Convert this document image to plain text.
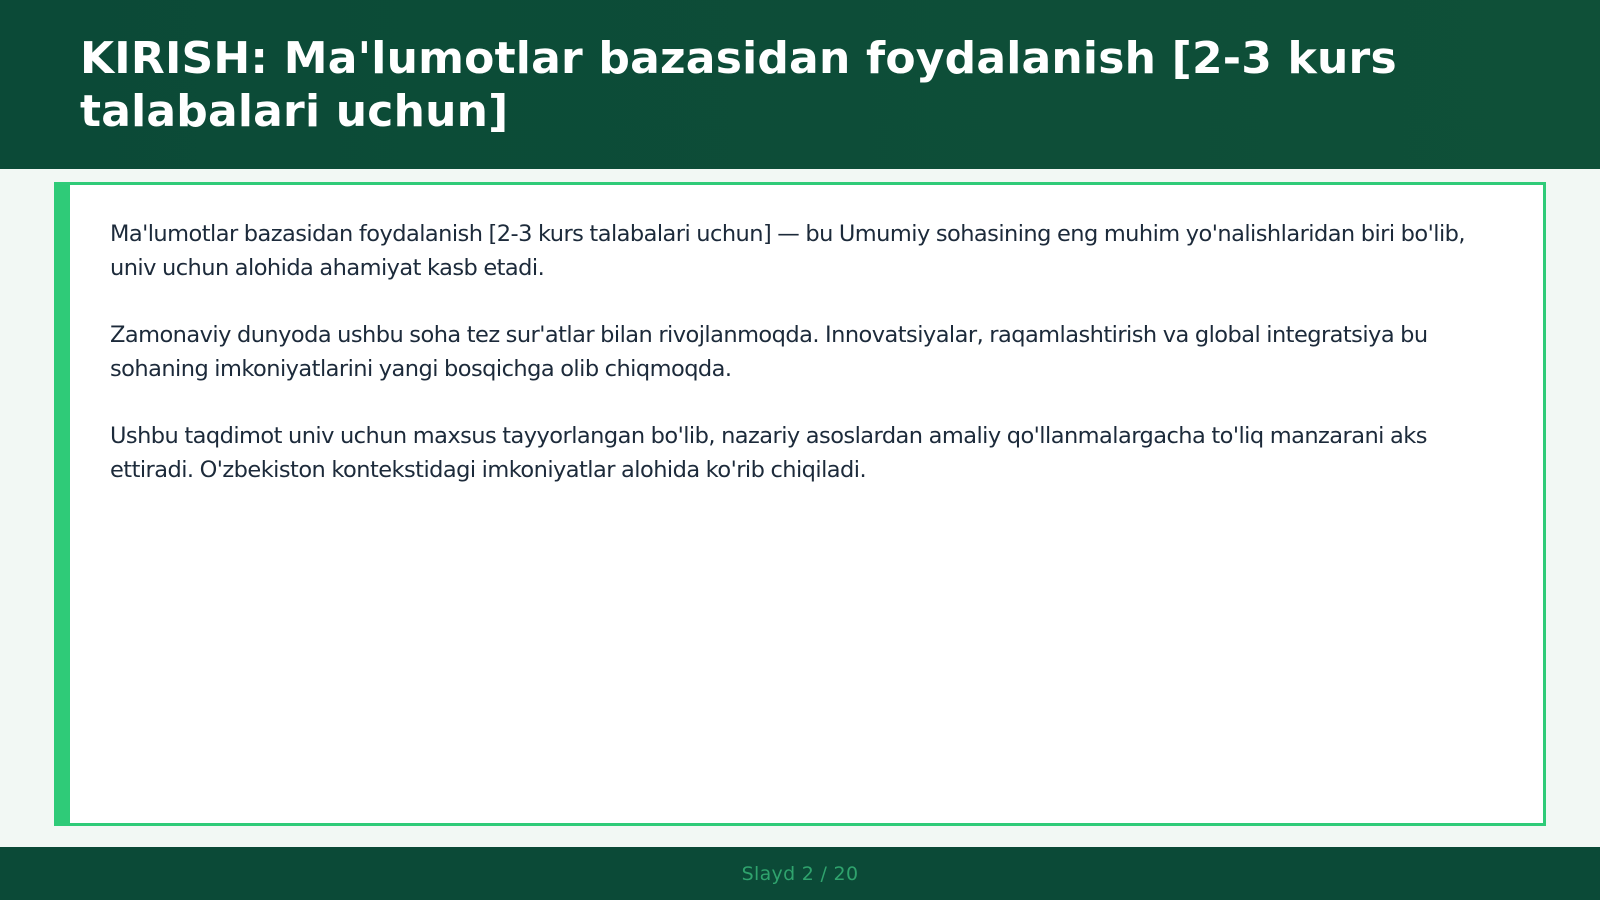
KIRISH: Ma'lumotlar bazasidan foydalanish [2-3 kurs talabalari uchun]

Ma'lumotlar bazasidan foydalanish [2-3 kurs talabalari uchun] — bu Umumiy sohasining eng muhim yo'nalishlaridan biri bo'lib, univ uchun alohida ahamiyat kasb etadi.

Zamonaviy dunyoda ushbu soha tez sur'atlar bilan rivojlanmoqda. Innovatsiyalar, raqamlashtirish va global integratsiya bu sohaning imkoniyatlarini yangi bosqichga olib chiqmoqda.

Ushbu taqdimot univ uchun maxsus tayyorlangan bo'lib, nazariy asoslardan amaliy qo'llanmalargacha to'liq manzarani aks ettiradi. O'zbekiston kontekstidagi imkoniyatlar alohida ko'rib chiqiladi.

Slayd 2 / 20
